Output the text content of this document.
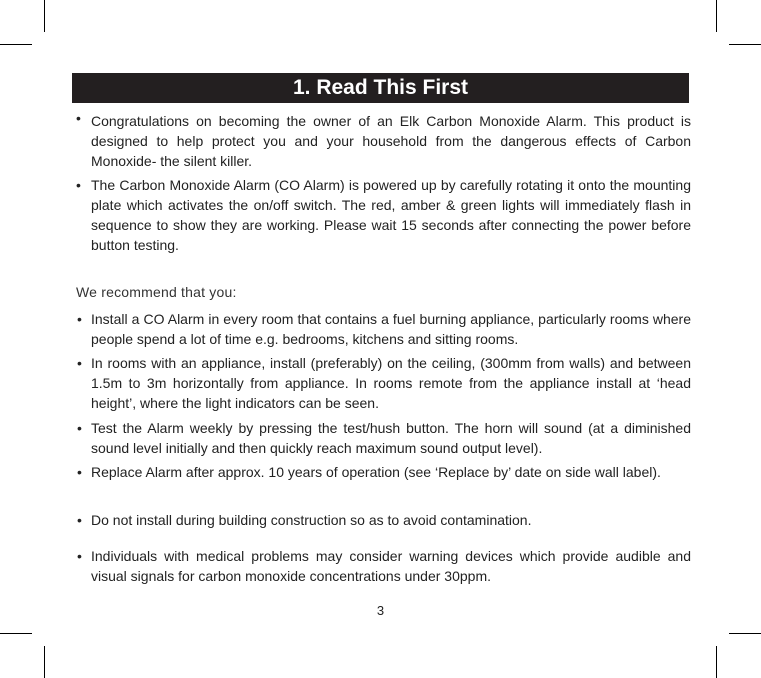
1. Read This First
• Congratulations on becoming the owner of an Elk Carbon Monoxide Alarm. This product is designed to help protect you and your household from the dangerous effects of Carbon Monoxide- the silent killer.
• The Carbon Monoxide Alarm (CO Alarm) is powered up by carefully rotating it onto the mounting plate which activates the on/off switch. The red, amber & green lights will immediately flash in sequence to show they are working. Please wait 15 seconds after connecting the power before button testing.
We recommend that you:
• Install a CO Alarm in every room that contains a fuel burning appliance, particularly rooms where people spend a lot of time e.g. bedrooms, kitchens and sitting rooms.
• In rooms with an appliance, install (preferably) on the ceiling, (300mm from walls) and between 1.5m to 3m horizontally from appliance. In rooms remote from the appliance install at ‘head height’, where the light indicators can be seen.
• Test the Alarm weekly by pressing the test/hush button. The horn will sound (at a diminished sound level initially and then quickly reach maximum sound output level).
• Replace Alarm after approx. 10 years of operation (see ‘Replace by’ date on side wall label).
• Do not install during building construction so as to avoid contamination.
• Individuals with medical problems may consider warning devices which provide audible and visual signals for carbon monoxide concentrations under 30ppm.
3
